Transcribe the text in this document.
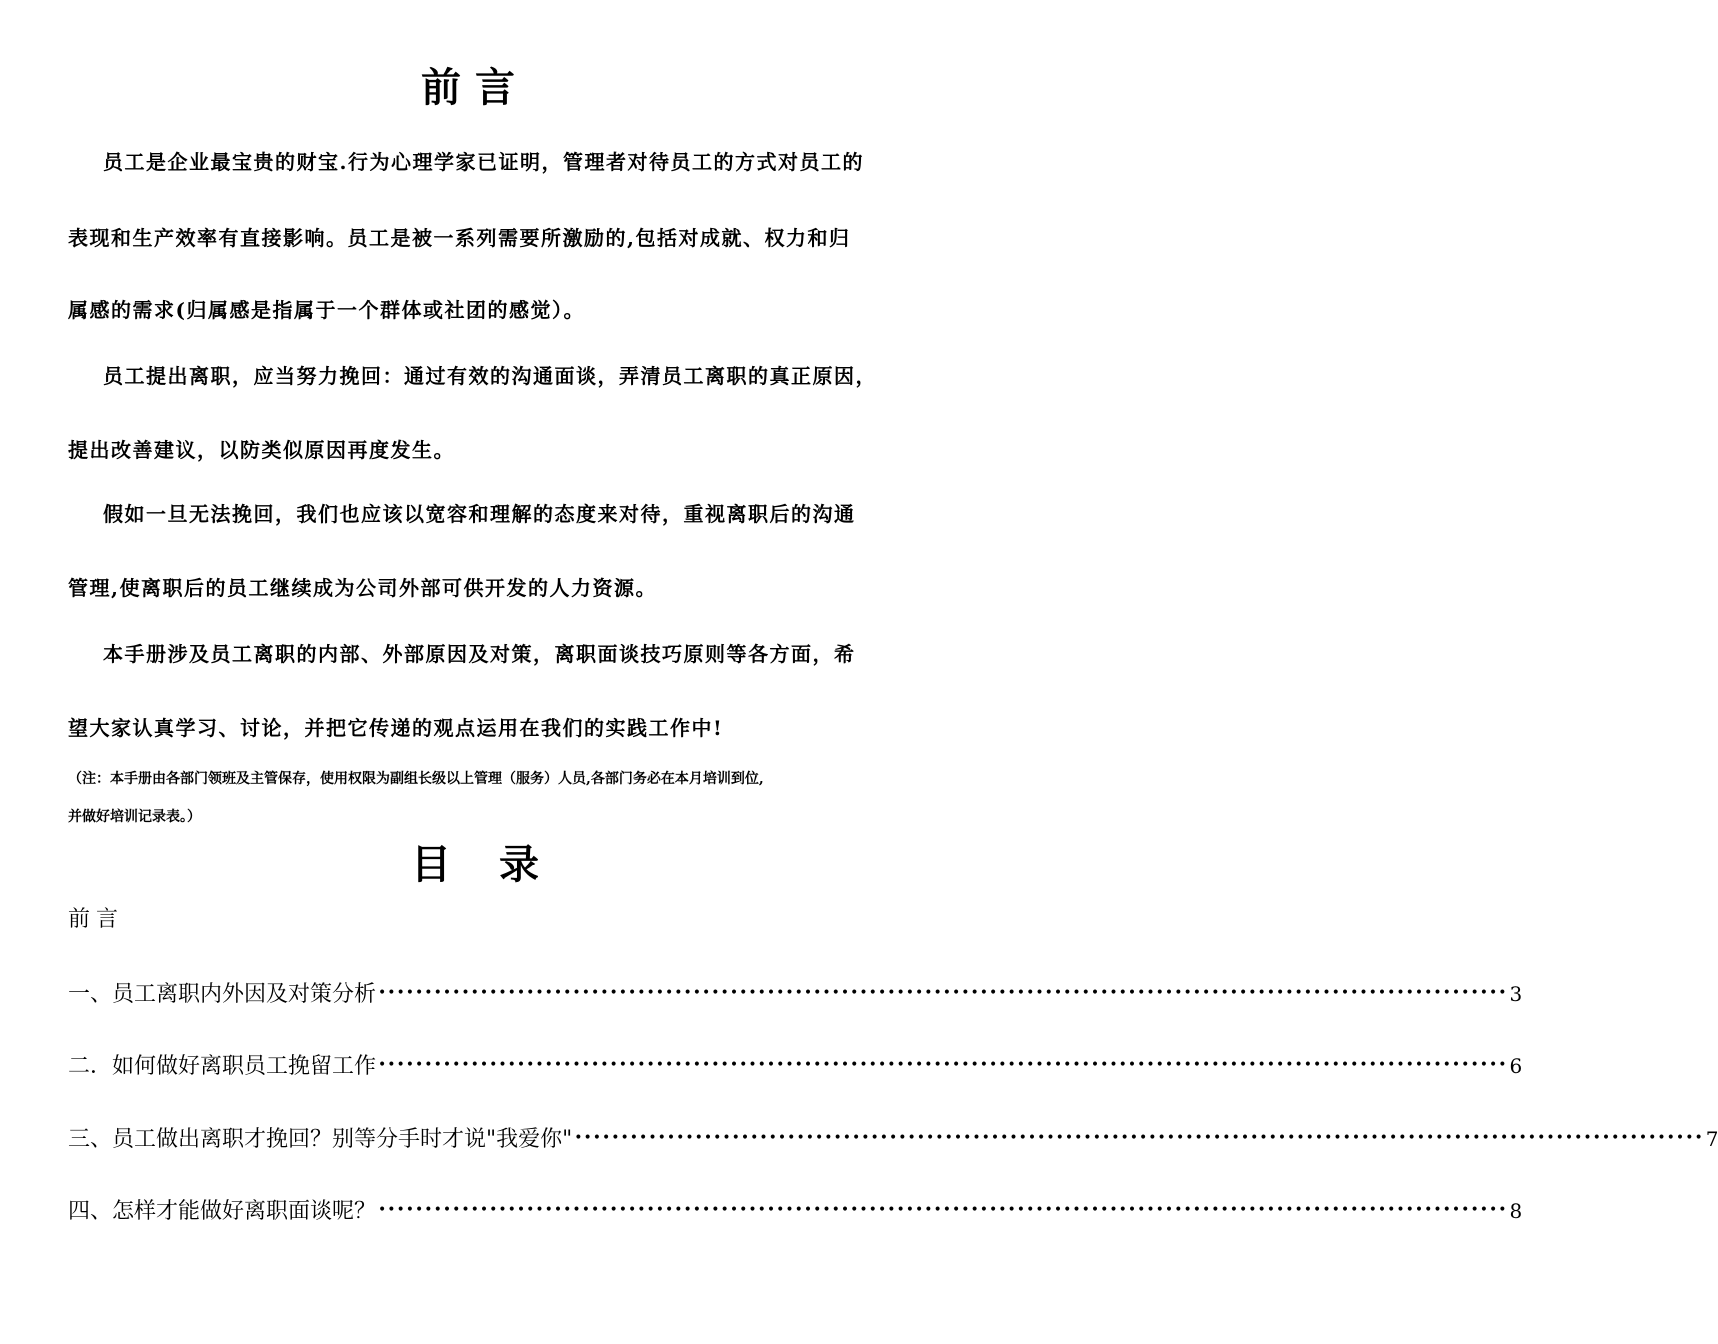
前言
员工是企业最宝贵的财宝.行为心理学家已证明，管理者对待员工的方式对员工的
表现和生产效率有直接影响。员工是被一系列需要所激励的,包括对成就、权力和归
属感的需求(归属感是指属于一个群体或社团的感觉）。
员工提出离职，应当努力挽回：通过有效的沟通面谈，弄清员工离职的真正原因，
提出改善建议，以防类似原因再度发生。
假如一旦无法挽回，我们也应该以宽容和理解的态度来对待，重视离职后的沟通
管理,使离职后的员工继续成为公司外部可供开发的人力资源。
本手册涉及员工离职的内部、外部原因及对策，离职面谈技巧原则等各方面，希
望大家认真学习、讨论，并把它传递的观点运用在我们的实践工作中!
（注：本手册由各部门领班及主管保存，使用权限为副组长级以上管理（服务）人员,各部门务必在本月培训到位,
并做好培训记录表。）
目 录
前言
一、员工离职内外因及对策分析 •••••••••••••••••••••••••••••••••••••••••••••••••••••••••••••••••••••••••••••••••••••••••••••••••••••••••••••••••••••••••• 3
二．如何做好离职员工挽留工作 •••••••••••••••••••••••••••••••••••••••••••••••••••••••••••••••••••••••••••••••••••••••••••••••••••••••••••••••••••••••••• 6
三、员工做出离职才挽回？别等分手时才说"我爱你" •••••••••••••••••••••••••••••••••••••••••••••••••••••••••••••••••••••••••••••••••••••••••••••••••••••••••••••••••••••••••• 7
四、怎样才能做好离职面谈呢？ •••••••••••••••••••••••••••••••••••••••••••••••••••••••••••••••••••••••••••••••••••••••••••••••••••••••••••••••••••••••••• 8
